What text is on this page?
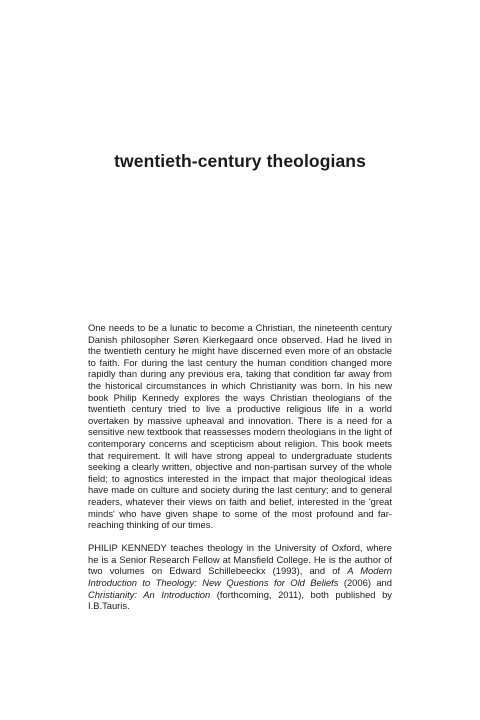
twentieth-century theologians

One needs to be a lunatic to become a Christian, the nineteenth century Danish philosopher Søren Kierkegaard once observed. Had he lived in the twentieth century he might have discerned even more of an obstacle to faith. For during the last century the human condition changed more rapidly than during any previous era, taking that condition far away from the historical circumstances in which Christianity was born. In his new book Philip Kennedy explores the ways Christian theologians of the twentieth century tried to live a productive religious life in a world overtaken by massive upheaval and innovation. There is a need for a sensitive new textbook that reassesses modern theologians in the light of contemporary concerns and scepticism about religion. This book meets that requirement. It will have strong appeal to undergraduate students seeking a clearly written, objective and non-partisan survey of the whole field; to agnostics interested in the impact that major theological ideas have made on culture and society during the last century; and to general readers, whatever their views on faith and belief, interested in the 'great minds' who have given shape to some of the most profound and far-reaching thinking of our times.

PHILIP KENNEDY teaches theology in the University of Oxford, where he is a Senior Research Fellow at Mansfield College. He is the author of two volumes on Edward Schillebeeckx (1993), and of A Modern Introduction to Theology: New Questions for Old Beliefs (2006) and Christianity: An Introduction (forthcoming, 2011), both published by I.B.Tauris.
